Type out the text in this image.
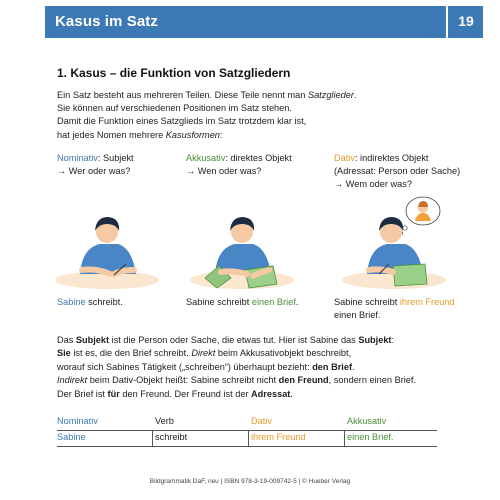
Kasus im Satz	19
1. Kasus – die Funktion von Satzgliedern

Ein Satz besteht aus mehreren Teilen. Diese Teile nennt man Satzglieder.

Sie können auf verschiedenen Positionen im Satz stehen.

Damit die Funktion eines Satzglieds im Satz trotzdem klar ist,

hat jedes Nomen mehrere Kasusformen:

Nominativ: Subjekt
→ Wer oder was?
Akkusativ: direktes Objekt
→ Wen oder was?
Dativ: indirektes Objekt
(Adressat: Person oder Sache)
→ Wem oder was?
Sabine schreibt.	Sabine schreibt einen Brief.	Sabine schreibt ihrem Freund
einen Brief.

Das Subjekt ist die Person oder Sache, die etwas tut. Hier ist Sabine das Subjekt:

Sie ist es, die den Brief schreibt. Direkt beim Akkusativobjekt beschreibt,

worauf sich Sabines Tätigkeit („schreiben“) überhaupt bezieht: den Brief.

Indirekt beim Dativ-Objekt heißt: Sabine schreibt nicht den Freund, sondern einen Brief.

Der Brief ist für den Freund. Der Freund ist der Adressat.

Nominativ	Verb	Dativ	Akkusativ
Sabine	schreibt	ihrem Freund	einen Brief.
Bildgrammatik DaF, neu | ISBN 978-3-19-009742-5 | © Hueber Verlag
